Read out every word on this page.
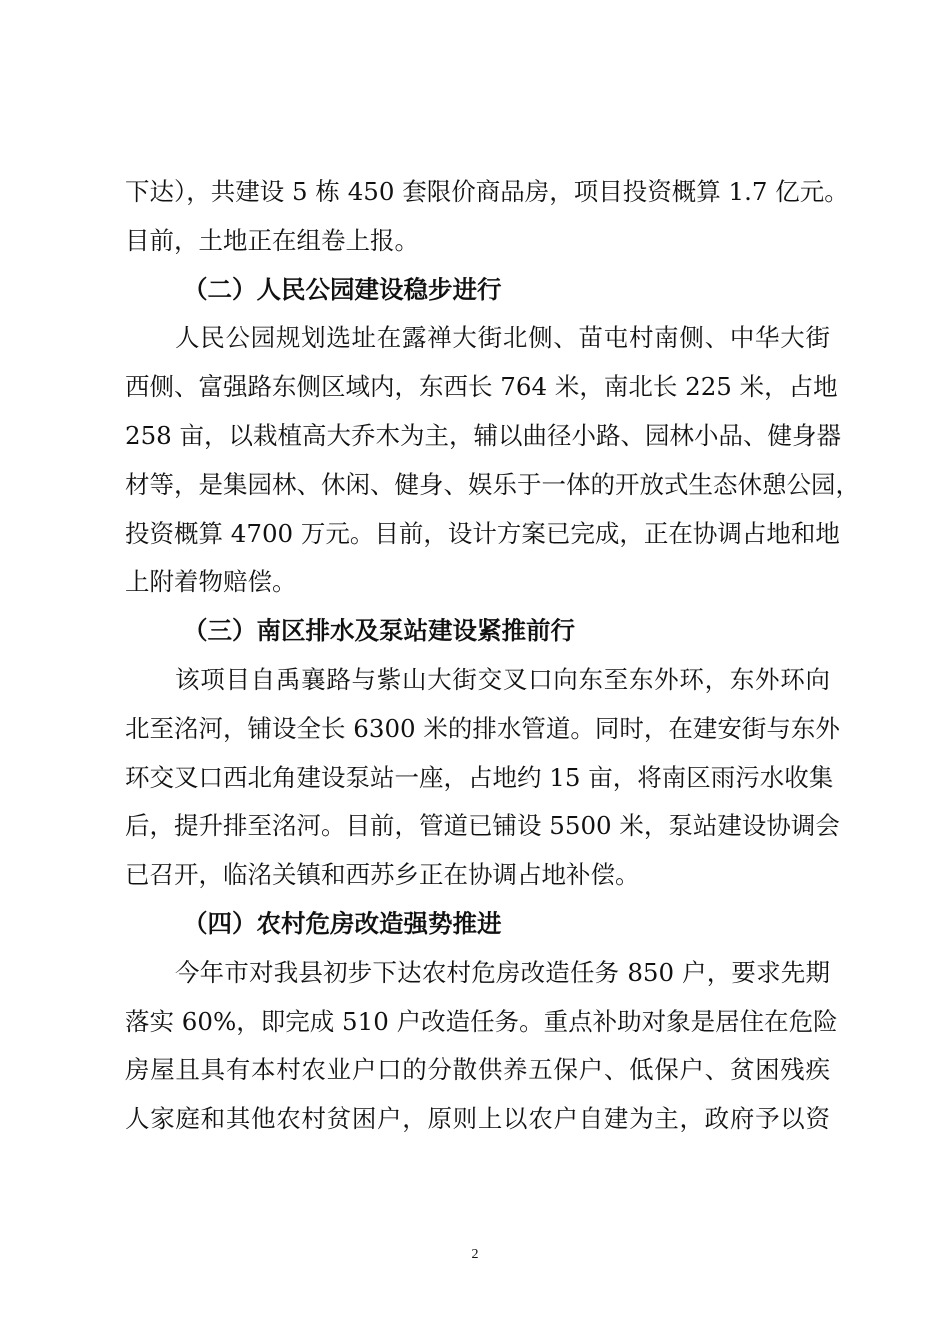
下达），共建设 5 栋 450 套限价商品房，项目投资概算 1.7 亿元。
目前，土地正在组卷上报。
（二）人民公园建设稳步进行
人民公园规划选址在露禅大街北侧、苗屯村南侧、中华大街
西侧、富强路东侧区域内，东西长 764 米，南北长 225 米，占地
258 亩，以栽植高大乔木为主，辅以曲径小路、园林小品、健身器
材等，是集园林、休闲、健身、娱乐于一体的开放式生态休憩公园，
投资概算 4700 万元。目前，设计方案已完成，正在协调占地和地
上附着物赔偿。
（三）南区排水及泵站建设紧推前行
该项目自禹襄路与紫山大街交叉口向东至东外环，东外环向
北至洺河，铺设全长 6300 米的排水管道。同时，在建安街与东外
环交叉口西北角建设泵站一座，占地约 15 亩，将南区雨污水收集
后，提升排至洺河。目前，管道已铺设 5500 米，泵站建设协调会
已召开，临洺关镇和西苏乡正在协调占地补偿。
（四）农村危房改造强势推进
今年市对我县初步下达农村危房改造任务 850 户，要求先期
落实 60%，即完成 510 户改造任务。重点补助对象是居住在危险
房屋且具有本村农业户口的分散供养五保户、低保户、贫困残疾
人家庭和其他农村贫困户，原则上以农户自建为主，政府予以资
2
